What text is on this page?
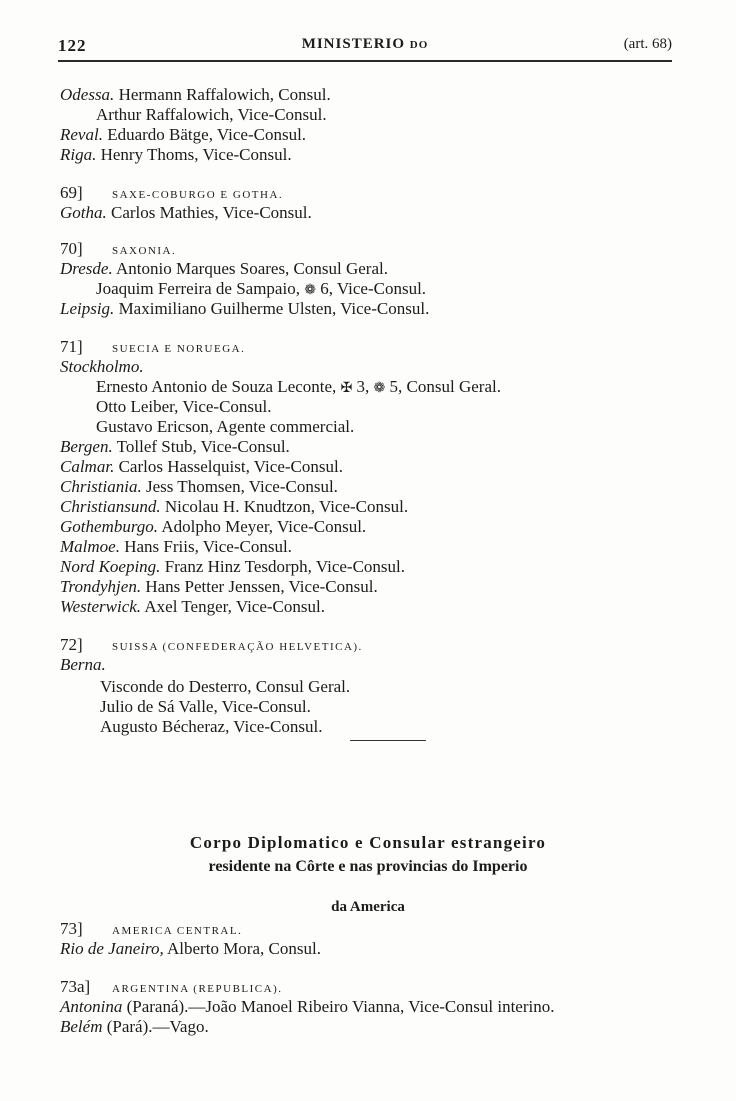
122	MINISTERIO do	(art. 68)
Odessa. Hermann Raffalowich, Consul.
Arthur Raffalowich, Vice-Consul.
Reval. Eduardo Bätge, Vice-Consul.
Riga. Henry Thoms, Vice-Consul.
69]	SAXE-COBURGO E GOTHA.
Gotha. Carlos Mathies, Vice-Consul.
70]	SAXONIA.
Dresde. Antonio Marques Soares, Consul Geral.
Joaquim Ferreira de Sampaio, ❁ 6, Vice-Consul.
Leipsig. Maximiliano Guilherme Ulsten, Vice-Consul.
71]	SUECIA E NORUEGA.
Stockholmo.
Ernesto Antonio de Souza Leconte, ✠ 3, ❁ 5, Consul Geral.
Otto Leiber, Vice-Consul.
Gustavo Ericson, Agente commercial.
Bergen. Tollef Stub, Vice-Consul.
Calmar. Carlos Hasselquist, Vice-Consul.
Christiania. Jess Thomsen, Vice-Consul.
Christiansund. Nicolau H. Knudtzon, Vice-Consul.
Gothemburgo. Adolpho Meyer, Vice-Consul.
Malmoe. Hans Friis, Vice-Consul.
Nord Koeping. Franz Hinz Tesdorph, Vice-Consul.
Trondyhjen. Hans Petter Jenssen, Vice-Consul.
Westerwick. Axel Tenger, Vice-Consul.
72]	SUISSA (CONFEDERAÇÃO HELVETICA).
Berna.
Visconde do Desterro, Consul Geral.
Julio de Sá Valle, Vice-Consul.
Augusto Bécheraz, Vice-Consul.
Corpo Diplomatico e Consular estrangeiro
residente na Côrte e nas provincias do Imperio
da America
73]	AMERICA CENTRAL.
Rio de Janeiro, Alberto Mora, Consul.
73a] ARGENTINA (REPUBLICA).
Antonina (Paraná).—João Manoel Ribeiro Vianna, Vice-Consul interino.
Belém (Pará).—Vago.
